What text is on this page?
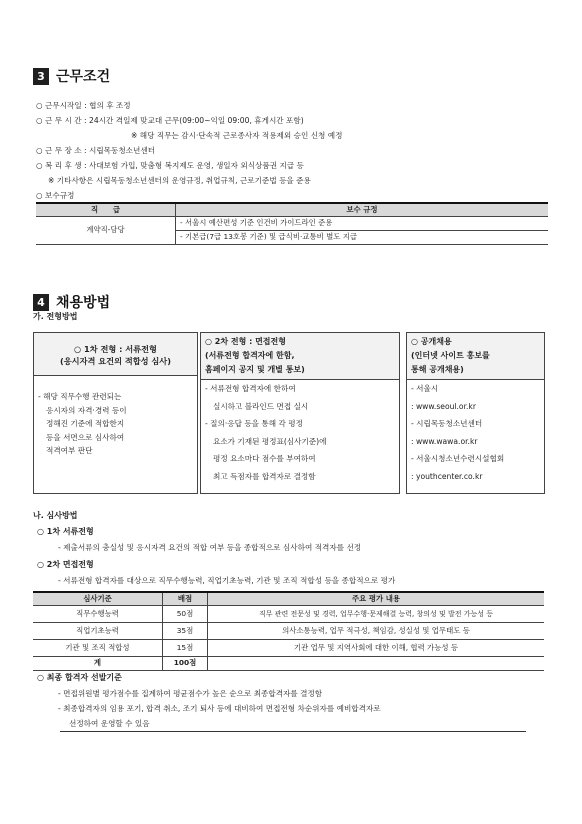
3 근무조건
○ 근무시작일 : 협의 후 조정
○ 근 무 시 간 : 24시간 격일제 맞교대 근무(09:00~익일 09:00, 휴게시간 포함)
※ 해당 직무는 감시·단속적 근로종사자 적용제외 승인 신청 예정
○ 근 무 장 소 : 시립목동청소년센터
○ 복 리 후 생 : 사대보험 가입, 맞춤형 복지제도 운영, 생일자 외식상품권 지급 등
※ 기타사항은 시립목동청소년센터의 운영규정, 취업규칙, 근로기준법 등을 준용
○ 보수규정
직　　급	보수 규정
계약직-담당	- 서울시 예산편성 기준 인건비 가이드라인 준용
	- 기본급(7급 13호봉 기준) 및 급식비·교통비 별도 지급
4 채용방법
가. 전형방법
○ 1차 전형 : 서류전형
(응시자격 요건의 적합성 심사)
- 해당 직무수행 관련되는
응시자의 자격·경력 등이
정해진 기준에 적합한지
등을 서면으로 심사하여
적격여부 판단
○ 2차 전형 : 면접전형
(서류전형 합격자에 한함,
홈페이지 공지 및 개별 통보)
- 서류전형 합격자에 한하여
실시하고 블라인드 면접 실시
- 질의·응답 등을 통해 각 평정
요소가 기재된 평정표(심사기준)에
평정 요소마다 점수를 부여하여
최고 득점자를 합격자로 결정함
○ 공개채용
(인터넷 사이트 홍보를
통해 공개채용)
- 서울시
: www.seoul.or.kr
- 시립목동청소년센터
: www.wawa.or.kr
- 서울시청소년수련시설협회
: youthcenter.co.kr
나. 심사방법
○ 1차 서류전형
- 제출서류의 충실성 및 응시자격 요건의 적합 여부 등을 종합적으로 심사하여 적격자를 선정
○ 2차 면접전형
- 서류전형 합격자를 대상으로 직무수행능력, 직업기초능력, 기관 및 조직 적합성 등을 종합적으로 평가
심사기준	배점	주요 평가 내용
직무수행능력	50점	직무 관련 전문성 및 경력, 업무수행·문제해결 능력, 창의성 및 발전 가능성 등
직업기초능력	35점	의사소통능력, 업무 적극성, 책임감, 성실성 및 업무태도 등
기관 및 조직 적합성	15점	기관 업무 및 지역사회에 대한 이해, 협력 가능성 등
계	100점	
○ 최종 합격자 선발기준
- 면접위원별 평가점수를 집계하여 평균점수가 높은 순으로 최종합격자를 결정함
- 최종합격자의 임용 포기, 합격 취소, 조기 퇴사 등에 대비하여 면접전형 차순위자를 예비합격자로
선정하여 운영할 수 있음
